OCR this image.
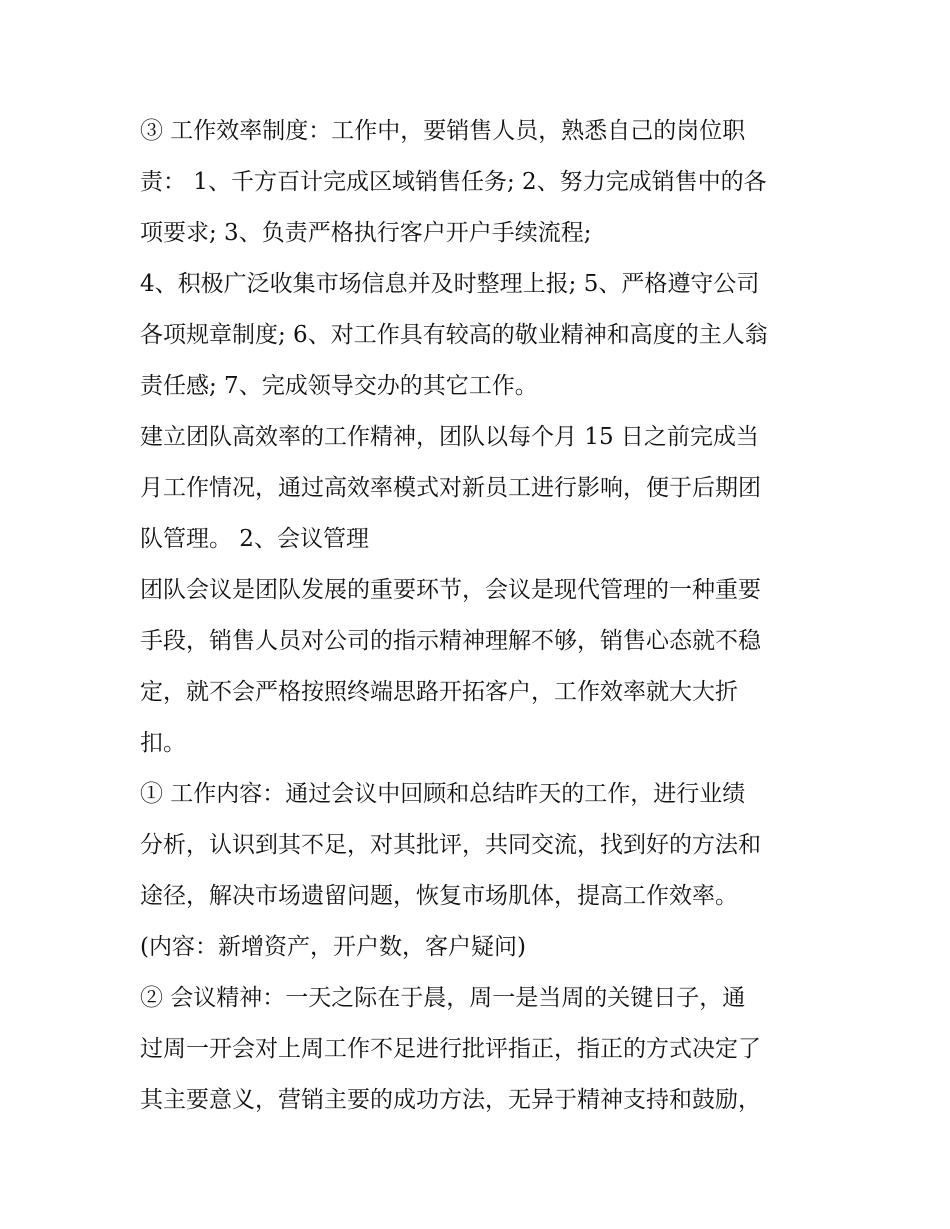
③ 工作效率制度：工作中，要销售人员，熟悉自己的岗位职
责： 1、千方百计完成区域销售任务; 2、努力完成销售中的各
项要求; 3、负责严格执行客户开户手续流程;
4、积极广泛收集市场信息并及时整理上报; 5、严格遵守公司
各项规章制度; 6、对工作具有较高的敬业精神和高度的主人翁
责任感; 7、完成领导交办的其它工作。
建立团队高效率的工作精神，团队以每个月 15 日之前完成当
月工作情况，通过高效率模式对新员工进行影响，便于后期团
队管理。 2、会议管理
团队会议是团队发展的重要环节，会议是现代管理的一种重要
手段，销售人员对公司的指示精神理解不够，销售心态就不稳
定，就不会严格按照终端思路开拓客户，工作效率就大大折
扣。
① 工作内容：通过会议中回顾和总结昨天的工作，进行业绩
分析，认识到其不足，对其批评，共同交流，找到好的方法和
途径，解决市场遗留问题，恢复市场肌体，提高工作效率。
(内容：新增资产，开户数，客户疑问)
② 会议精神：一天之际在于晨，周一是当周的关键日子，通
过周一开会对上周工作不足进行批评指正，指正的方式决定了
其主要意义，营销主要的成功方法，无异于精神支持和鼓励，
